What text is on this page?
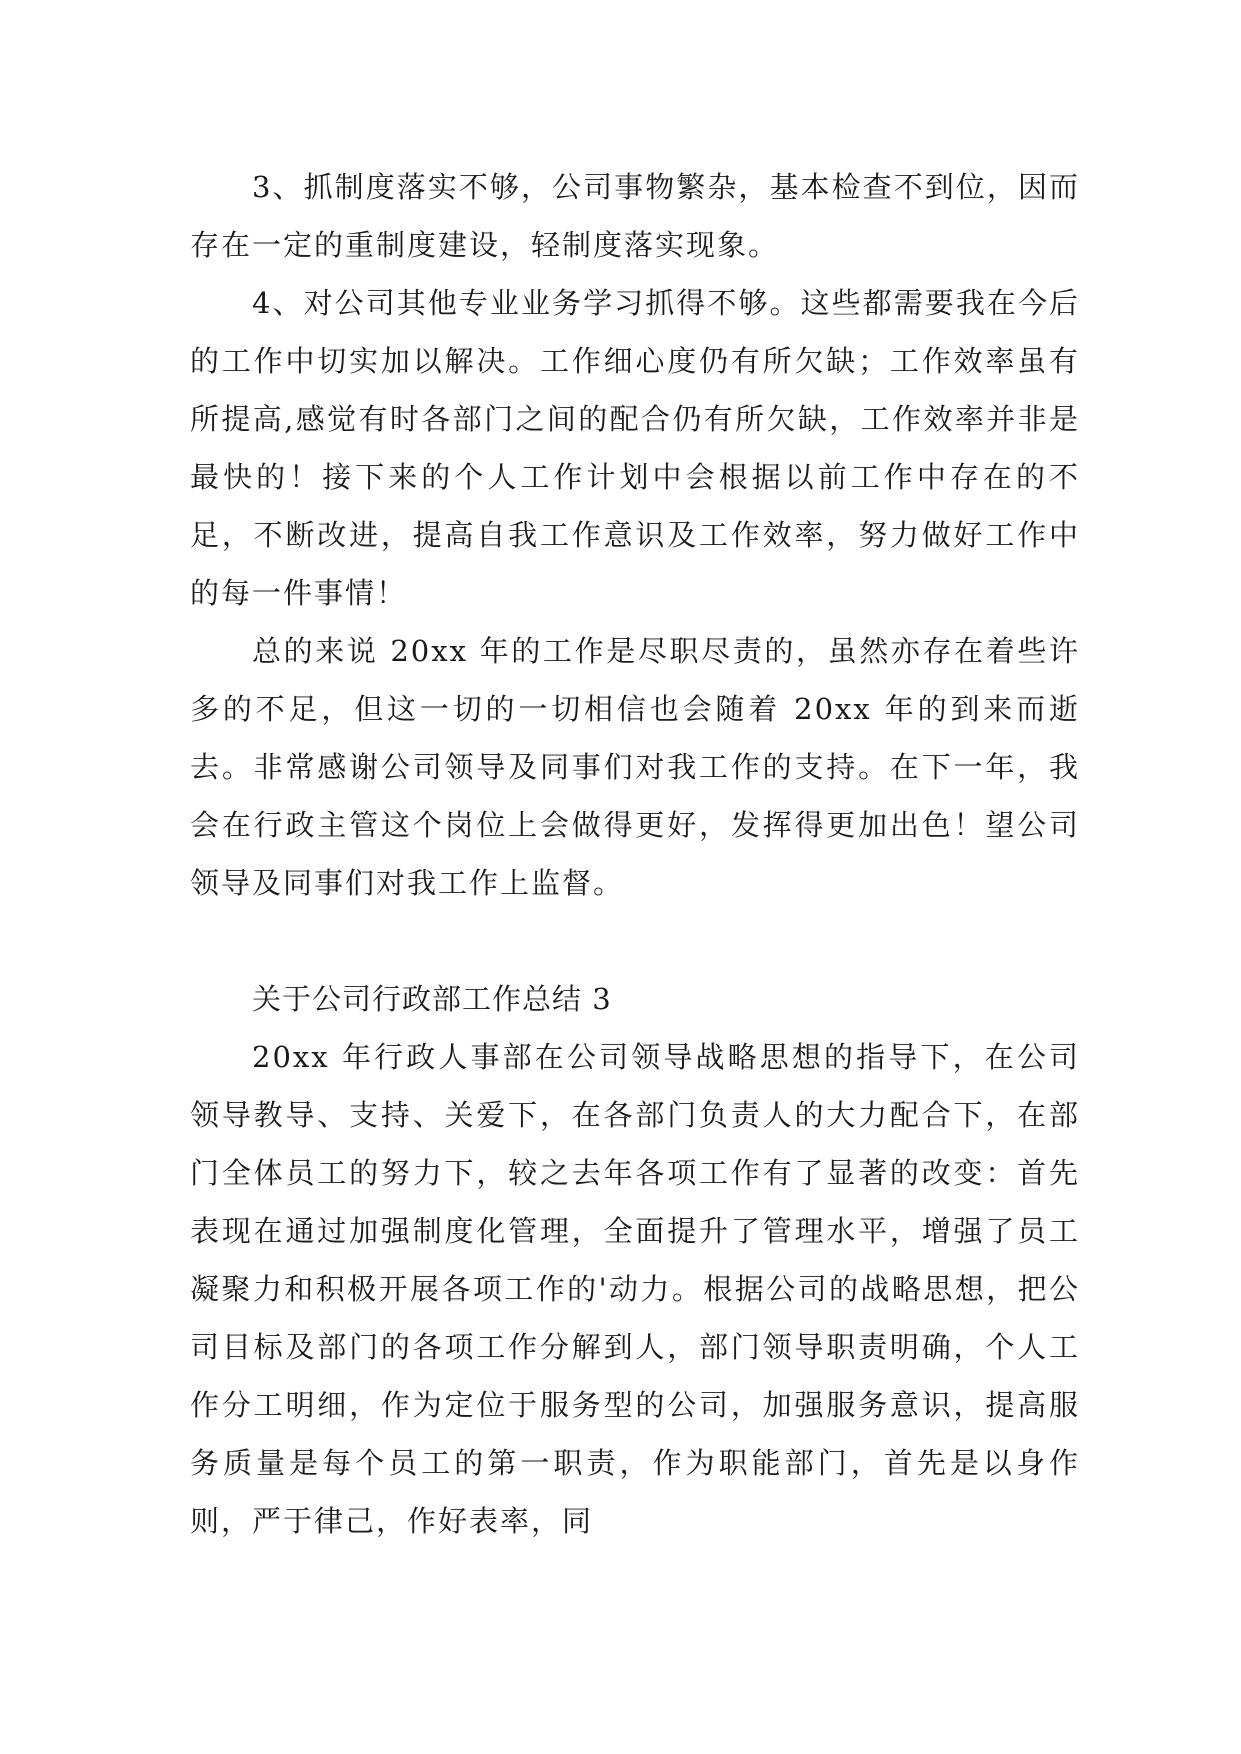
3、抓制度落实不够，公司事物繁杂，基本检查不到位，因而存在一定的重制度建设，轻制度落实现象。

4、对公司其他专业业务学习抓得不够。这些都需要我在今后的工作中切实加以解决。工作细心度仍有所欠缺；工作效率虽有所提高,感觉有时各部门之间的配合仍有所欠缺，工作效率并非是最快的！接下来的个人工作计划中会根据以前工作中存在的不足，不断改进，提高自我工作意识及工作效率，努力做好工作中的每一件事情！

总的来说 20xx 年的工作是尽职尽责的，虽然亦存在着些许多的不足，但这一切的一切相信也会随着 20xx 年的到来而逝去。非常感谢公司领导及同事们对我工作的支持。在下一年，我会在行政主管这个岗位上会做得更好，发挥得更加出色！望公司领导及同事们对我工作上监督。

关于公司行政部工作总结 3

20xx 年行政人事部在公司领导战略思想的指导下，在公司领导教导、支持、关爱下，在各部门负责人的大力配合下，在部门全体员工的努力下，较之去年各项工作有了显著的改变：首先表现在通过加强制度化管理，全面提升了管理水平，增强了员工凝聚力和积极开展各项工作的'动力。根据公司的战略思想，把公司目标及部门的各项工作分解到人，部门领导职责明确，个人工作分工明细，作为定位于服务型的公司，加强服务意识，提高服务质量是每个员工的第一职责，作为职能部门，首先是以身作则，严于律己，作好表率，同
